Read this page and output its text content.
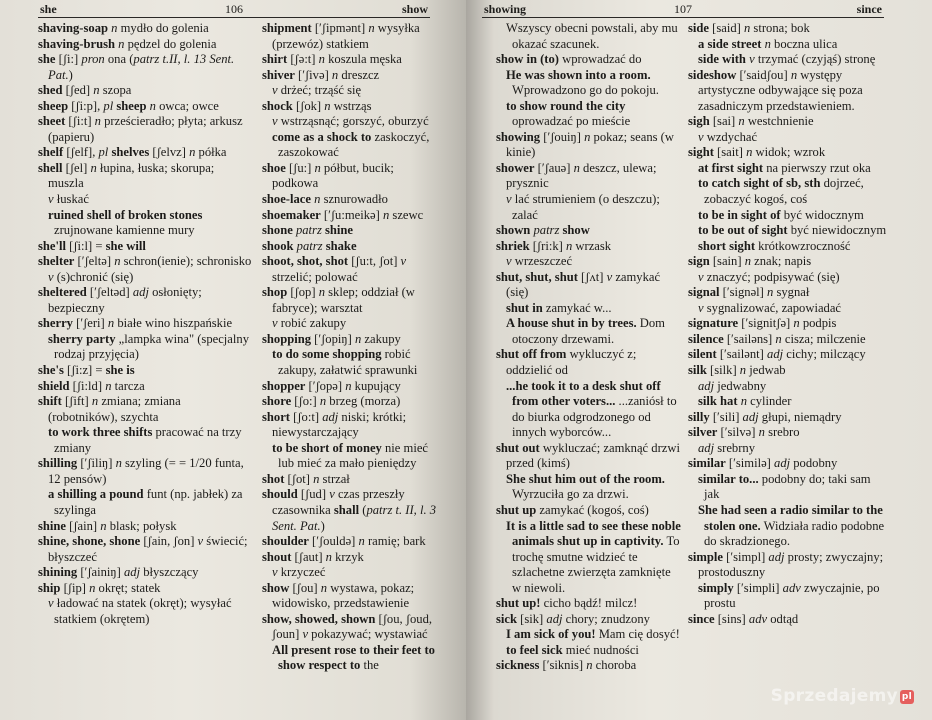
she	106	show

shaving-soap n mydło do golenia

shaving-brush n pędzel do golenia

she [ʃi:] pron ona (patrz t.II, l. 13 Sent. Pat.)

shed [ʃed] n szopa

sheep [ʃi:p], pl sheep n owca; owce

sheet [ʃi:t] n prześcieradło; płyta; arkusz (papieru)

shelf [ʃelf], pl shelves [ʃelvz] n półka

shell [ʃel] n łupina, łuska; skorupa; muszla

v łuskać

ruined shell of broken stones zrujnowane kamienne mury

she'll [ʃi:l] = she will

shelter [ʹʃeltə] n schron(ienie); schronisko

v (s)chronić (się)

sheltered [ʹʃeltəd] adj osłonięty; bezpieczny

sherry [ʹʃeri] n białe wino hiszpańskie

sherry party „lampka wina" (specjalny rodzaj przyjęcia)

she's [ʃi:z] = she is

shield [ʃi:ld] n tarcza

shift [ʃift] n zmiana; zmiana (robotników), szychta

to work three shifts pracować na trzy zmiany

shilling [ʹʃiliŋ] n szyling (= = 1/20 funta, 12 pensów)

a shilling a pound funt (np. jabłek) za szylinga

shine [ʃain] n blask; połysk

shine, shone, shone [ʃain, ʃon] v świecić; błyszczeć

shining [ʹʃainiŋ] adj błyszczący

ship [ʃip] n okręt; statek

v ładować na statek (okręt); wysyłać statkiem (okrętem)

shipment [ʹʃipmənt] n wysyłka (przewóz) statkiem

shirt [ʃə:t] n koszula męska

shiver [ʹʃivə] n dreszcz

v drżeć; trząść się

shock [ʃok] n wstrząs

v wstrząsnąć; gorszyć, oburzyć

come as a shock to zaskoczyć, zaszokować

shoe [ʃu:] n półbut, bucik; podkowa

shoe-lace n sznurowadło

shoemaker [ʹʃu:meikə] n szewc

shone patrz shine

shook patrz shake

shoot, shot, shot [ʃu:t, ʃot] v strzelić; polować

shop [ʃop] n sklep; oddział (w fabryce); warsztat

v robić zakupy

shopping [ʹʃopiŋ] n zakupy

to do some shopping robić zakupy, załatwić sprawunki

shopper [ʹʃopə] n kupujący

shore [ʃo:] n brzeg (morza)

short [ʃo:t] adj niski; krótki; niewystarczający

to be short of money nie mieć lub mieć za mało pieniędzy

shot [ʃot] n strzał

should [ʃud] v czas przeszły czasownika shall (patrz t. II, l. 3 Sent. Pat.)

shoulder [ʹʃouldə] n ramię; bark

shout [ʃaut] n krzyk

v krzyczeć

show [ʃou] n wystawa, pokaz; widowisko, przedstawienie

show, showed, shown [ʃou, ʃoud, ʃoun] v pokazywać; wystawiać

All present rose to their feet to show respect to the

showing	107	since

Wszyscy obecni powstali, aby mu okazać szacunek.

show in (to) wprowadzać do

He was shown into a room. Wprowadzono go do pokoju.

to show round the city oprowadzać po mieście

showing [ʹʃouiŋ] n pokaz; seans (w kinie)

shower [ʹʃauə] n deszcz, ulewa; prysznic

v lać strumieniem (o deszczu); zalać

shown patrz show

shriek [ʃri:k] n wrzask

v wrzeszczeć

shut, shut, shut [ʃʌt] v zamykać (się)

shut in zamykać w...

A house shut in by trees. Dom otoczony drzewami.

shut off from wykluczyć z; oddzielić od

...he took it to a desk shut off from other voters... ...zaniósł to do biurka odgrodzonego od innych wyborców...

shut out wykluczać; zamknąć drzwi przed (kimś)

She shut him out of the room. Wyrzuciła go za drzwi.

shut up zamykać (kogoś, coś)

It is a little sad to see these noble animals shut up in captivity. To trochę smutne widzieć te szlachetne zwierzęta zamknięte w niewoli.

shut up! cicho bądź! milcz!

sick [sik] adj chory; znudzony

I am sick of you! Mam cię dosyć!

to feel sick mieć nudności

sickness [ʹsiknis] n choroba

side [said] n strona; bok

a side street n boczna ulica

side with v trzymać (czyjąś) stronę

sideshow [ʹsaidʃou] n występy artystyczne odbywające się poza zasadniczym przedstawieniem.

sigh [sai] n westchnienie

v wzdychać

sight [sait] n widok; wzrok

at first sight na pierwszy rzut oka

to catch sight of sb, sth dojrzeć, zobaczyć kogoś, coś

to be in sight of być widocznym

to be out of sight być niewidocznym

short sight krótkowzroczność

sign [sain] n znak; napis

v znaczyć; podpisywać (się)

signal [ʹsignəl] n sygnał

v sygnalizować, zapowiadać

signature [ʹsignitʃə] n podpis

silence [ʹsailəns] n cisza; milczenie

silent [ʹsailənt] adj cichy; milczący

silk [silk] n jedwab

adj jedwabny

silk hat n cylinder

silly [ʹsili] adj głupi, niemądry

silver [ʹsilvə] n srebro

adj srebrny

similar [ʹsimilə] adj podobny

similar to... podobny do; taki sam jak

She had seen a radio similar to the stolen one. Widziała radio podobne do skradzionego.

simple [ʹsimpl] adj prosty; zwyczajny; prostoduszny

simply [ʹsimpli] adv zwyczajnie, po prostu

since [sins] adv odtąd

Sprzedajemy pl
